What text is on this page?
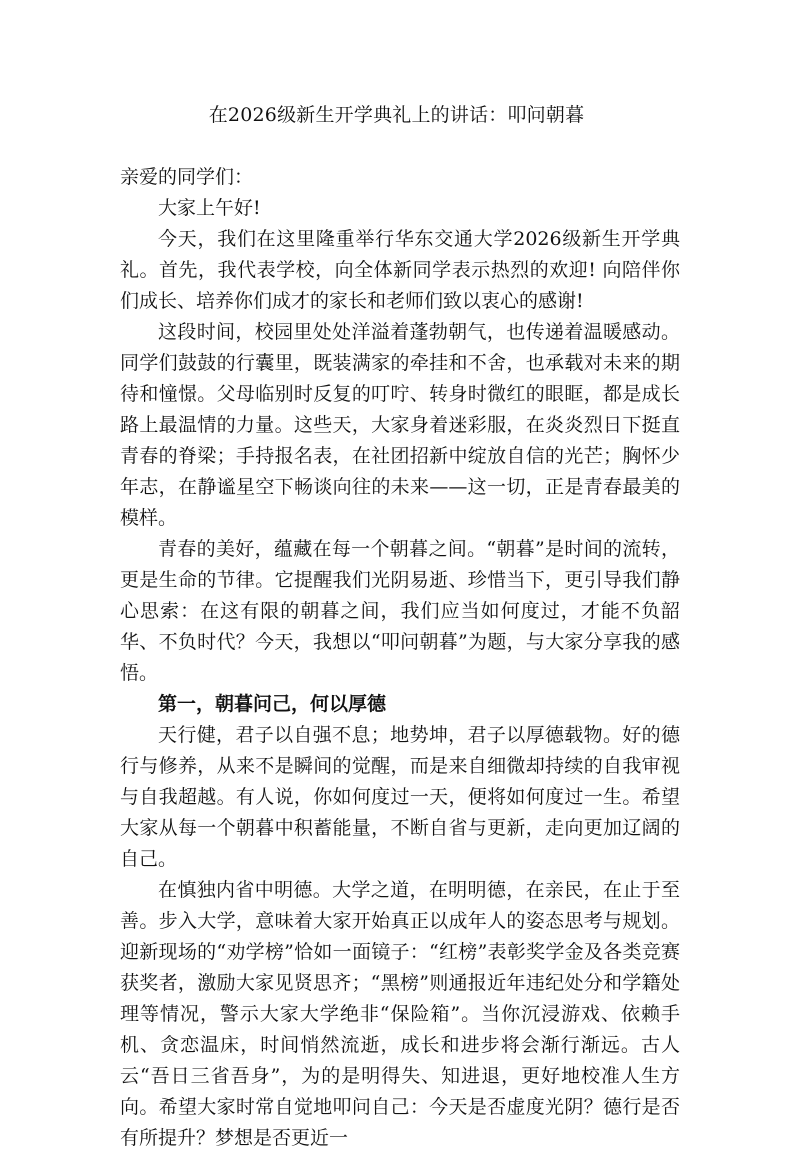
在2026级新生开学典礼上的讲话：叩问朝暮

亲爱的同学们：

大家上午好!

今天，我们在这里隆重举行华东交通大学2026级新生开学典礼。首先，我代表学校，向全体新同学表示热烈的欢迎! 向陪伴你们成长、培养你们成才的家长和老师们致以衷心的感谢!

这段时间，校园里处处洋溢着蓬勃朝气，也传递着温暖感动。同学们鼓鼓的行囊里，既装满家的牵挂和不舍，也承载对未来的期待和憧憬。父母临别时反复的叮咛、转身时微红的眼眶，都是成长路上最温情的力量。这些天，大家身着迷彩服，在炎炎烈日下挺直青春的脊梁；手持报名表，在社团招新中绽放自信的光芒；胸怀少年志，在静谧星空下畅谈向往的未来——这一切，正是青春最美的模样。

青春的美好，蕴藏在每一个朝暮之间。“朝暮”是时间的流转，更是生命的节律。它提醒我们光阴易逝、珍惜当下，更引导我们静心思索：在这有限的朝暮之间，我们应当如何度过，才能不负韶华、不负时代？今天，我想以“叩问朝暮”为题，与大家分享我的感悟。

第一，朝暮问己，何以厚德

天行健，君子以自强不息；地势坤，君子以厚德载物。好的德行与修养，从来不是瞬间的觉醒，而是来自细微却持续的自我审视与自我超越。有人说，你如何度过一天，便将如何度过一生。希望大家从每一个朝暮中积蓄能量，不断自省与更新，走向更加辽阔的自己。

在慎独内省中明德。大学之道，在明明德，在亲民，在止于至善。步入大学，意味着大家开始真正以成年人的姿态思考与规划。迎新现场的“劝学榜”恰如一面镜子：“红榜”表彰奖学金及各类竞赛获奖者，激励大家见贤思齐；“黑榜”则通报近年违纪处分和学籍处理等情况，警示大家大学绝非“保险箱”。当你沉浸游戏、依赖手机、贪恋温床，时间悄然流逝，成长和进步将会渐行渐远。古人云“吾日三省吾身”，为的是明得失、知进退，更好地校准人生方向。希望大家时常自觉地叩问自己：今天是否虚度光阴？德行是否有所提升？梦想是否更近一
